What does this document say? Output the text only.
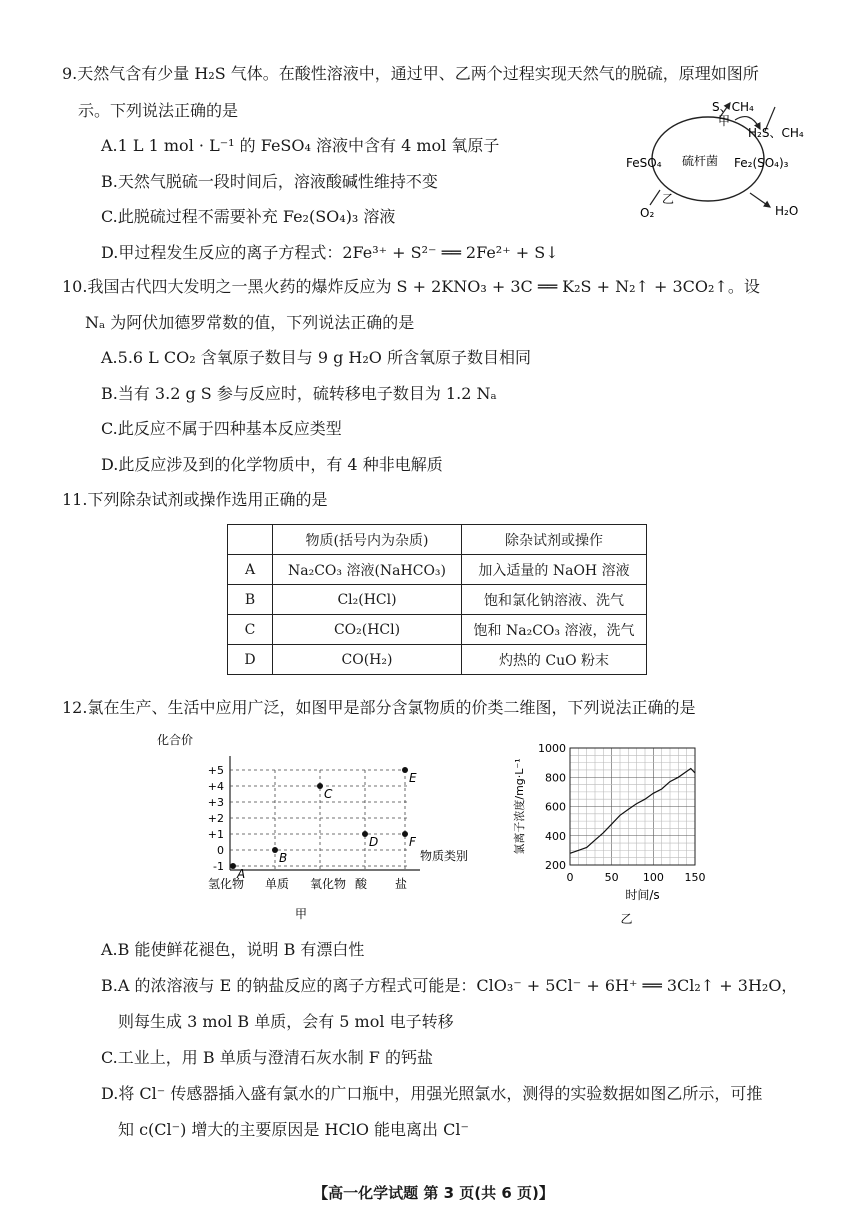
9.天然气含有少量 H₂S 气体。在酸性溶液中，通过甲、乙两个过程实现天然气的脱硫，原理如图所
示。下列说法正确的是
A.1 L 1 mol · L⁻¹ 的 FeSO₄ 溶液中含有 4 mol 氧原子
B.天然气脱硫一段时间后，溶液酸碱性维持不变
C.此脱硫过程不需要补充 Fe₂(SO₄)₃ 溶液
D.甲过程发生反应的离子方程式：2Fe³⁺ + S²⁻ ══ 2Fe²⁺ + S↓
S、CH₄
甲
H₂S、CH₄
FeSO₄ 硫杆菌 Fe₂(SO₄)₃
乙
O₂	H₂O
10.我国古代四大发明之一黑火药的爆炸反应为 S + 2KNO₃ + 3C ══ K₂S + N₂↑ + 3CO₂↑。设
Nₐ 为阿伏加德罗常数的值，下列说法正确的是
A.5.6 L CO₂ 含氧原子数目与 9 g H₂O 所含氧原子数目相同
B.当有 3.2 g S 参与反应时，硫转移电子数目为 1.2 Nₐ
C.此反应不属于四种基本反应类型
D.此反应涉及到的化学物质中，有 4 种非电解质
11.下列除杂试剂或操作选用正确的是
	物质(括号内为杂质)	除杂试剂或操作
A	Na₂CO₃ 溶液(NaHCO₃)	加入适量的 NaOH 溶液
B	Cl₂(HCl)	饱和氯化钠溶液、洗气
C	CO₂(HCl)	饱和 Na₂CO₃ 溶液，洗气
D	CO(H₂)	灼热的 CuO 粉末
12.氯在生产、生活中应用广泛，如图甲是部分含氯物质的价类二维图，下列说法正确的是
化合价
+5
+4
+3
+2
+1
0
-1
氢化物 单质 氧化物 酸 盐
物质类别
A
B
C
D
E
F
甲
200
400
600
800
1000
0	50 100 150
时间/s
氯离子浓度/mg·L⁻¹
乙
A.B 能使鲜花褪色，说明 B 有漂白性
B.A 的浓溶液与 E 的钠盐反应的离子方程式可能是：ClO₃⁻ + 5Cl⁻ + 6H⁺ ══ 3Cl₂↑ + 3H₂O，
则每生成 3 mol B 单质，会有 5 mol 电子转移
C.工业上，用 B 单质与澄清石灰水制 F 的钙盐
D.将 Cl⁻ 传感器插入盛有氯水的广口瓶中，用强光照氯水，测得的实验数据如图乙所示，可推
知 c(Cl⁻) 增大的主要原因是 HClO 能电离出 Cl⁻
【高一化学试题 第 3 页(共 6 页)】
